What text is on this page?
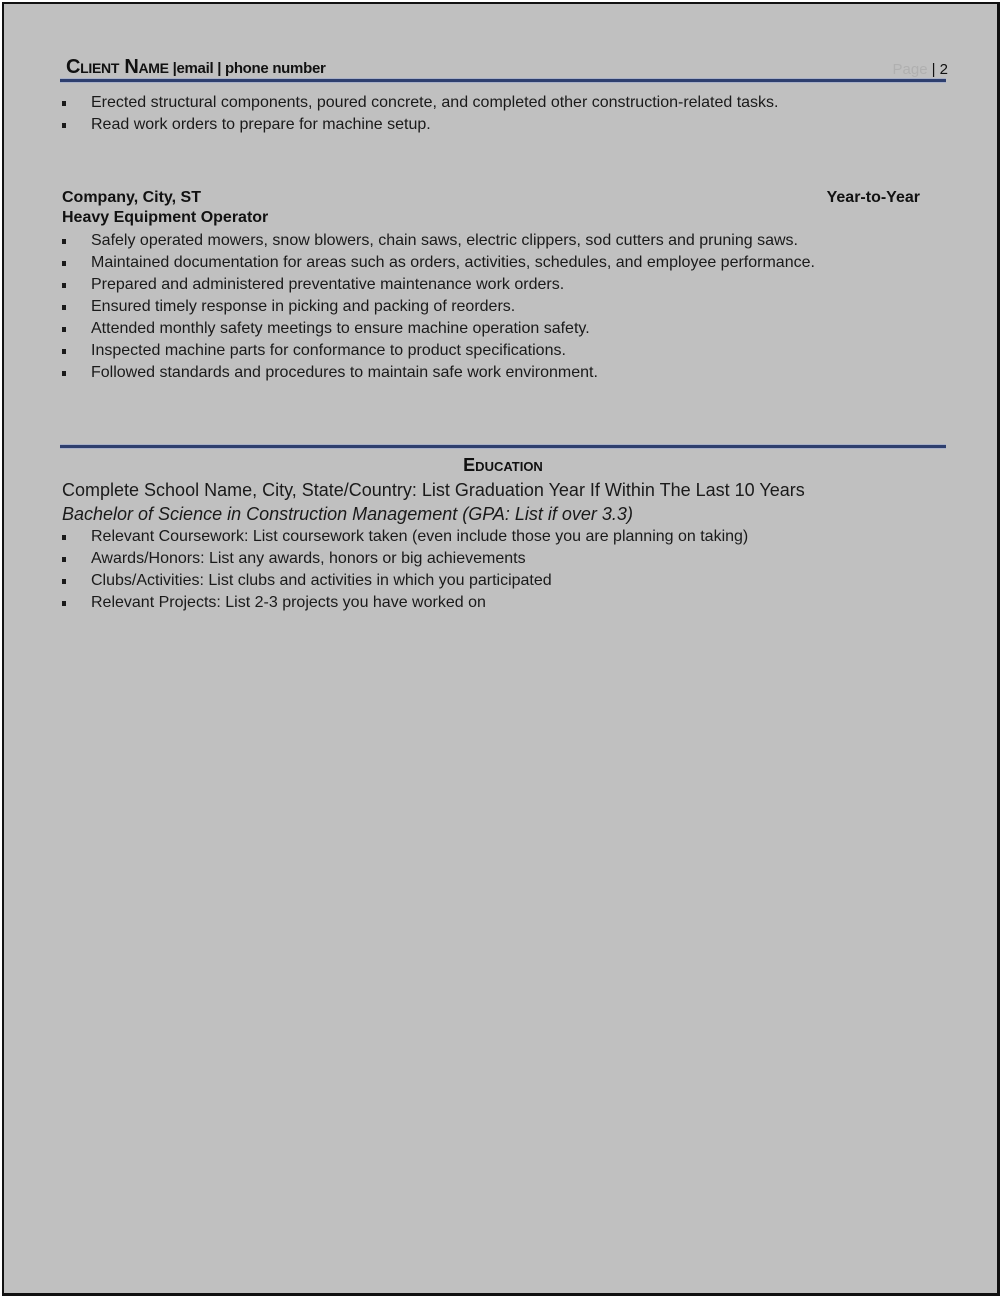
Client Name |email | phone number	Page | 2
Erected structural components, poured concrete, and completed other construction-related tasks.
Read work orders to prepare for machine setup.
Company, City, ST	Year-to-Year
Heavy Equipment Operator
Safely operated mowers, snow blowers, chain saws, electric clippers, sod cutters and pruning saws.
Maintained documentation for areas such as orders, activities, schedules, and employee performance.
Prepared and administered preventative maintenance work orders.
Ensured timely response in picking and packing of reorders.
Attended monthly safety meetings to ensure machine operation safety.
Inspected machine parts for conformance to product specifications.
Followed standards and procedures to maintain safe work environment.
Education
Complete School Name, City, State/Country: List Graduation Year If Within The Last 10 Years
Bachelor of Science in Construction Management (GPA: List if over 3.3)
Relevant Coursework: List coursework taken (even include those you are planning on taking)
Awards/Honors: List any awards, honors or big achievements
Clubs/Activities: List clubs and activities in which you participated
Relevant Projects: List 2-3 projects you have worked on
